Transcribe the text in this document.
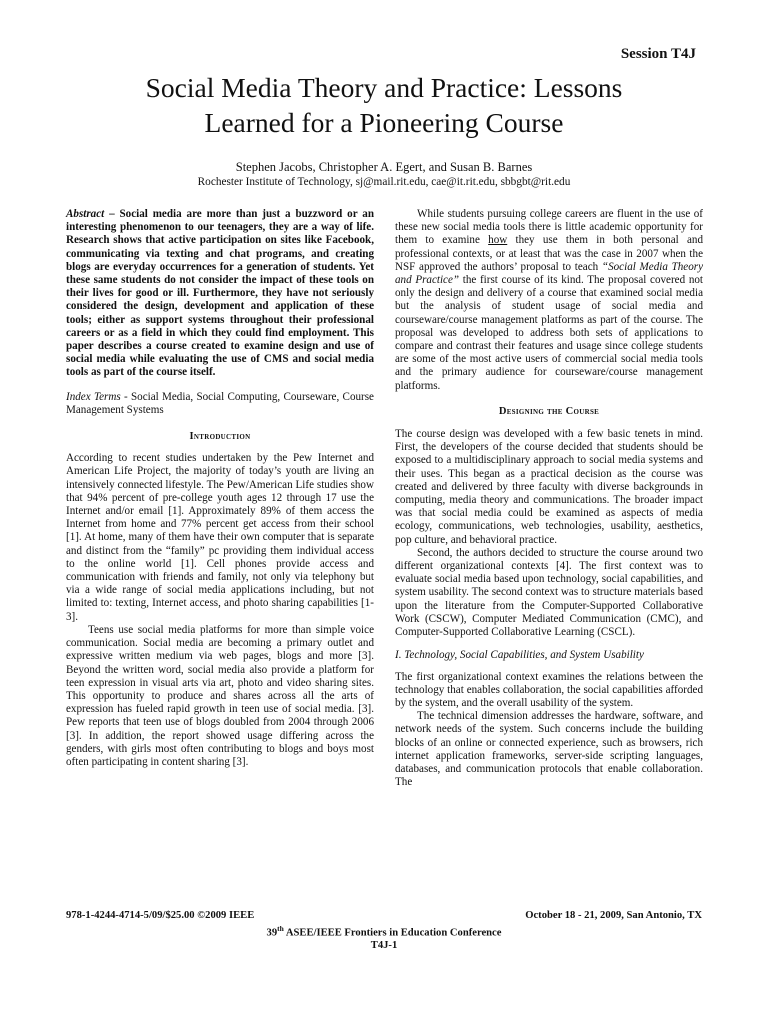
Session T4J
Social Media Theory and Practice: Lessons
Learned for a Pioneering Course
Stephen Jacobs, Christopher A. Egert, and Susan B. Barnes
Rochester Institute of Technology, sj@mail.rit.edu, cae@it.rit.edu, sbbgbt@rit.edu

Abstract – Social media are more than just a buzzword or an interesting phenomenon to our teenagers, they are a way of life. Research shows that active participation on sites like Facebook, communicating via texting and chat programs, and creating blogs are everyday occurrences for a generation of students. Yet these same students do not consider the impact of these tools on their lives for good or ill. Furthermore, they have not seriously considered the design, development and application of these tools; either as support systems throughout their professional careers or as a field in which they could find employment. This paper describes a course created to examine design and use of social media while evaluating the use of CMS and social media tools as part of the course itself.

Index Terms - Social Media, Social Computing, Courseware, Course Management Systems

Introduction

According to recent studies undertaken by the Pew Internet and American Life Project, the majority of today’s youth are living an intensively connected lifestyle. The Pew/American Life studies show that 94% percent of pre-college youth ages 12 through 17 use the Internet and/or email [1]. Approximately 89% of them access the Internet from home and 77% percent get access from their school [1]. At home, many of them have their own computer that is separate and distinct from the “family” pc providing them individual access to the online world [1]. Cell phones provide access and communication with friends and family, not only via telephony but via a wide range of social media applications including, but not limited to: texting, Internet access, and photo sharing capabilities [1-3].

Teens use social media platforms for more than simple voice communication. Social media are becoming a primary outlet and expressive written medium via web pages, blogs and more [3]. Beyond the written word, social media also provide a platform for teen expression in visual arts via art, photo and video sharing sites. This opportunity to produce and shares across all the arts of expression has fueled rapid growth in teen use of social media. [3]. Pew reports that teen use of blogs doubled from 2004 through 2006 [3]. In addition, the report showed usage differing across the genders, with girls most often contributing to blogs and boys most often participating in content sharing [3].

While students pursuing college careers are fluent in the use of these new social media tools there is little academic opportunity for them to examine how they use them in both personal and professional contexts, or at least that was the case in 2007 when the NSF approved the authors’ proposal to teach “Social Media Theory and Practice” the first course of its kind. The proposal covered not only the design and delivery of a course that examined social media but the analysis of student usage of social media and courseware/course management platforms as part of the course. The proposal was developed to address both sets of applications to compare and contrast their features and usage since college students are some of the most active users of commercial social media tools and the primary audience for courseware/course management platforms.

Designing the Course

The course design was developed with a few basic tenets in mind. First, the developers of the course decided that students should be exposed to a multidisciplinary approach to social media systems and their uses. This began as a practical decision as the course was created and delivered by three faculty with diverse backgrounds in computing, media theory and communications. The broader impact was that social media could be examined as aspects of media ecology, communications, web technologies, usability, aesthetics, pop culture, and behavioral practice.

Second, the authors decided to structure the course around two different organizational contexts [4]. The first context was to evaluate social media based upon technology, social capabilities, and system usability. The second context was to structure materials based upon the literature from the Computer-Supported Collaborative Work (CSCW), Computer Mediated Communication (CMC), and Computer-Supported Collaborative Learning (CSCL).

I. Technology, Social Capabilities, and System Usability

The first organizational context examines the relations between the technology that enables collaboration, the social capabilities afforded by the system, and the overall usability of the system.

The technical dimension addresses the hardware, software, and network needs of the system. Such concerns include the building blocks of an online or connected experience, such as browsers, rich internet application frameworks, server-side scripting languages, databases, and communication protocols that enable collaboration. The

978-1-4244-4714-5/09/$25.00 ©2009 IEEE	October 18 - 21, 2009, San Antonio, TX
39th ASEE/IEEE Frontiers in Education Conference
T4J-1
